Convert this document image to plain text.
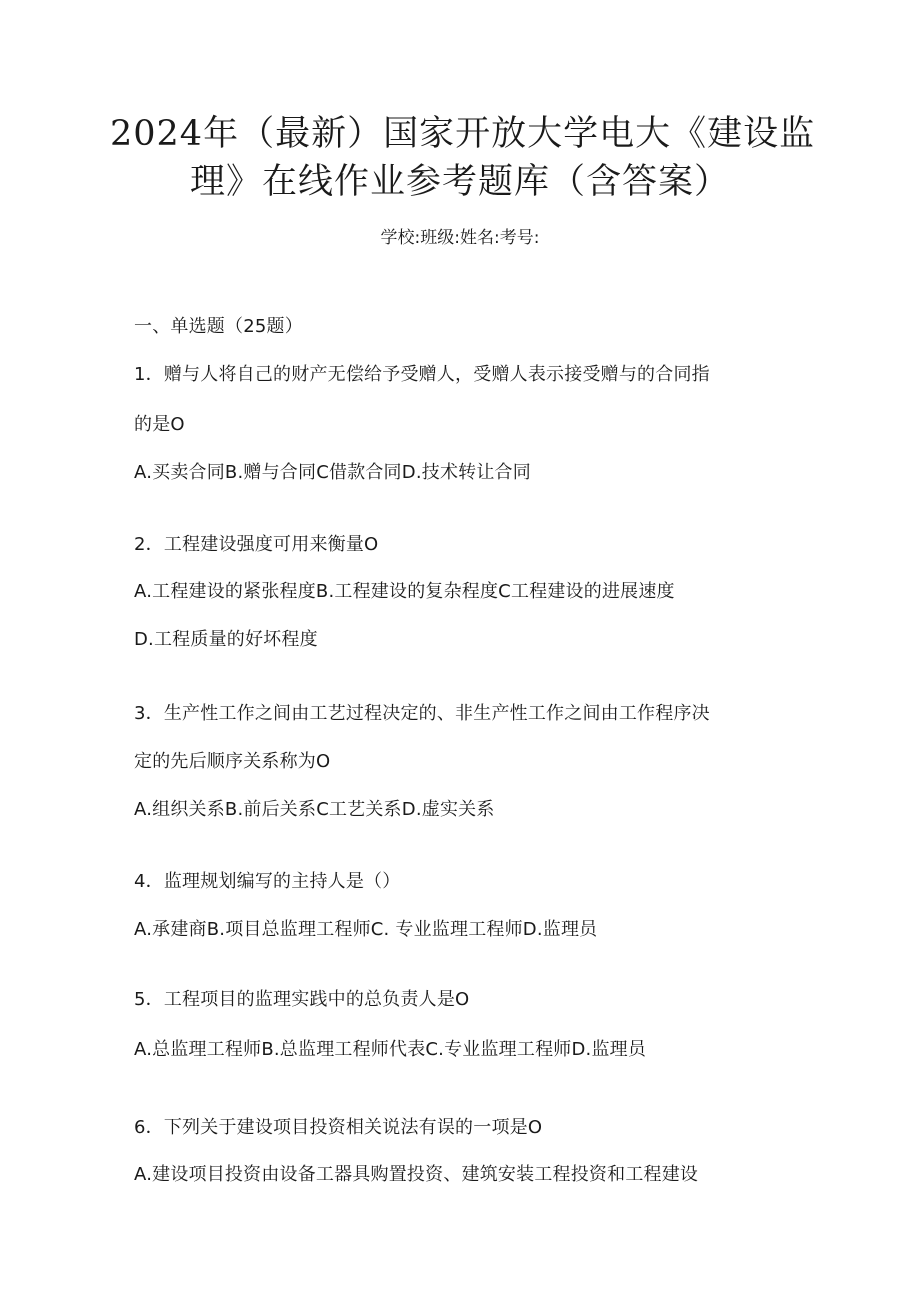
2024年（最新）国家开放大学电大《建设监
理》在线作业参考题库（含答案）
学校:班级:姓名:考号:
一、单选题（25题）
1．赠与人将自己的财产无偿给予受赠人，受赠人表示接受赠与的合同指
的是O
A.买卖合同B.赠与合同C借款合同D.技术转让合同
2．工程建设强度可用来衡量O
A.工程建设的紧张程度B.工程建设的复杂程度C工程建设的进展速度
D.工程质量的好坏程度
3．生产性工作之间由工艺过程决定的、非生产性工作之间由工作程序决
定的先后顺序关系称为O
A.组织关系B.前后关系C工艺关系D.虚实关系
4．监理规划编写的主持人是（）
A.承建商B.项目总监理工程师C. 专业监理工程师D.监理员
5．工程项目的监理实践中的总负责人是O
A.总监理工程师B.总监理工程师代表C.专业监理工程师D.监理员
6．下列关于建设项目投资相关说法有误的一项是O
A.建设项目投资由设备工器具购置投资、建筑安装工程投资和工程建设
